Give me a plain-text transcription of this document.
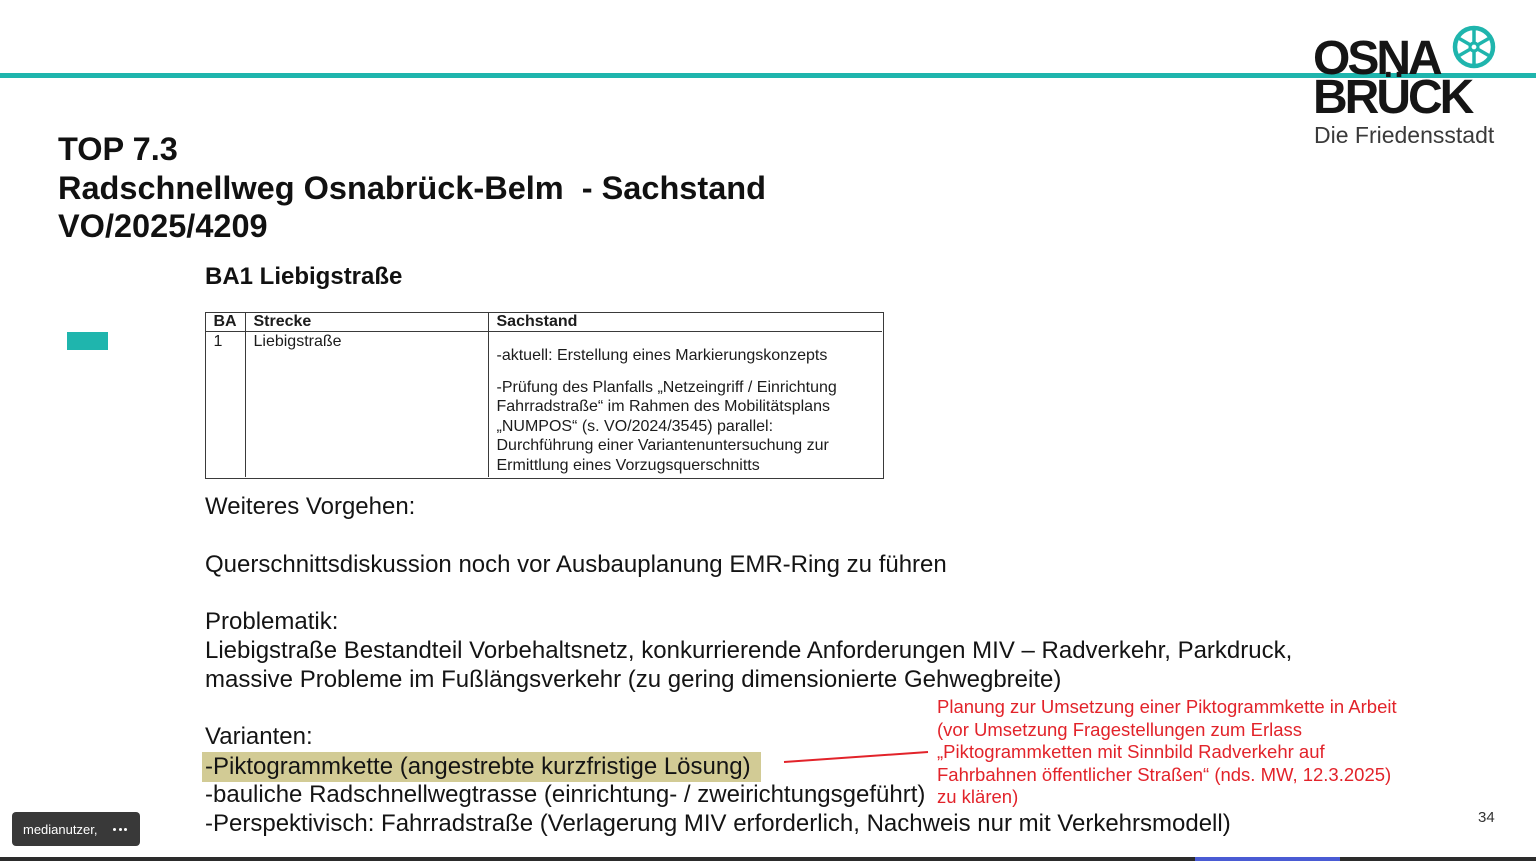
OSNA
BRÜCK
Die Friedensstadt
TOP 7.3
Radschnellweg Osnabrück-Belm  - Sachstand
VO/2025/4209
BA1 Liebigstraße
BA	Strecke	Sachstand
1	Liebigstraße
-aktuell: Erstellung eines Markierungskonzepts
-Prüfung des Planfalls „Netzeingriff / Einrichtung
Fahrradstraße“ im Rahmen des Mobilitätsplans
„NUMPOS“ (s. VO/2024/3545) parallel:
Durchführung einer Variantenuntersuchung zur
Ermittlung eines Vorzugsquerschnitts
Weiteres Vorgehen:
Querschnittsdiskussion noch vor Ausbauplanung EMR-Ring zu führen
Problematik:
Liebigstraße Bestandteil Vorbehaltsnetz, konkurrierende Anforderungen MIV – Radverkehr, Parkdruck,
massive Probleme im Fußlängsverkehr (zu gering dimensionierte Gehwegbreite)
Varianten:
-Piktogrammkette (angestrebte kurzfristige Lösung)
-bauliche Radschnellwegtrasse (einrichtung- / zweirichtungsgeführt)
-Perspektivisch: Fahrradstraße (Verlagerung MIV erforderlich, Nachweis nur mit Verkehrsmodell)
Planung zur Umsetzung einer Piktogrammkette in Arbeit
(vor Umsetzung Fragestellungen zum Erlass
„Piktogrammketten mit Sinnbild Radverkehr auf
Fahrbahnen öffentlicher Straßen“ (nds. MW, 12.3.2025)
zu klären)
34
medianutzer,
